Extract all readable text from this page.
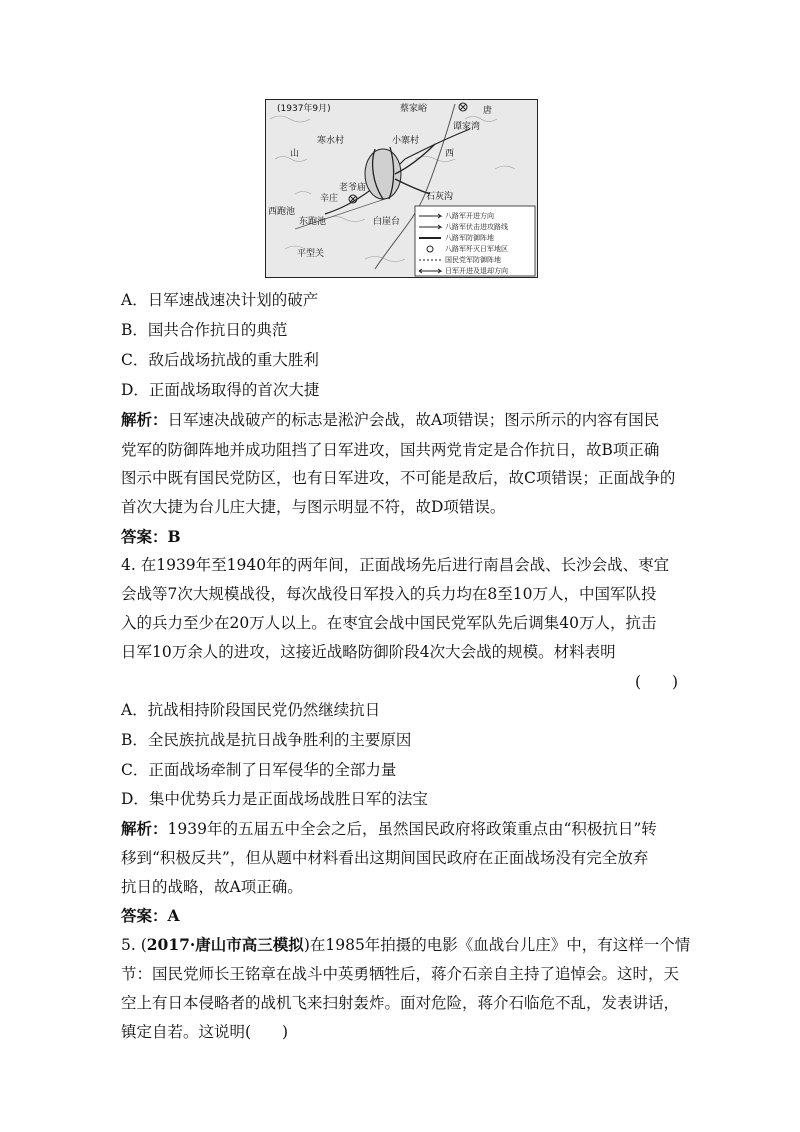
(1937年9月)	蔡家峪	唐
谭家湾
寒水村	小寨村
山	西
老爷庙
辛庄	石灰沟
西跑池
东跑池	白崖台
平型关
八路军开进方向
八路军伏击进攻路线
八路军防御阵地
八路军歼灭日军地区
国民党军防御阵地
日军开进及退却方向
A．日军速战速决计划的破产
B．国共合作抗日的典范
C．敌后战场抗战的重大胜利
D．正面战场取得的首次大捷
解析：日军速决战破产的标志是淞沪会战，故A项错误；图示所示的内容有国民
党军的防御阵地并成功阻挡了日军进攻，国共两党肯定是合作抗日，故B项正确
图示中既有国民党防区，也有日军进攻，不可能是敌后，故C项错误；正面战争的
首次大捷为台儿庄大捷，与图示明显不符，故D项错误。
答案：B
4. 在1939年至1940年的两年间，正面战场先后进行南昌会战、长沙会战、枣宜
会战等7次大规模战役，每次战役日军投入的兵力均在8至10万人，中国军队投
入的兵力至少在20万人以上。在枣宜会战中国民党军队先后调集40万人，抗击
日军10万余人的进攻，这接近战略防御阶段4次大会战的规模。材料表明
(　　)
A．抗战相持阶段国民党仍然继续抗日
B．全民族抗战是抗日战争胜利的主要原因
C．正面战场牵制了日军侵华的全部力量
D．集中优势兵力是正面战场战胜日军的法宝
解析：1939年的五届五中全会之后，虽然国民政府将政策重点由“积极抗日”转
移到“积极反共”，但从题中材料看出这期间国民政府在正面战场没有完全放弃
抗日的战略，故A项正确。
答案：A
5. (2017·唐山市高三模拟)在1985年拍摄的电影《血战台儿庄》中，有这样一个情
节：国民党师长王铭章在战斗中英勇牺牲后，蒋介石亲自主持了追悼会。这时，天
空上有日本侵略者的战机飞来扫射轰炸。面对危险，蒋介石临危不乱，发表讲话，
镇定自若。这说明(　　)
